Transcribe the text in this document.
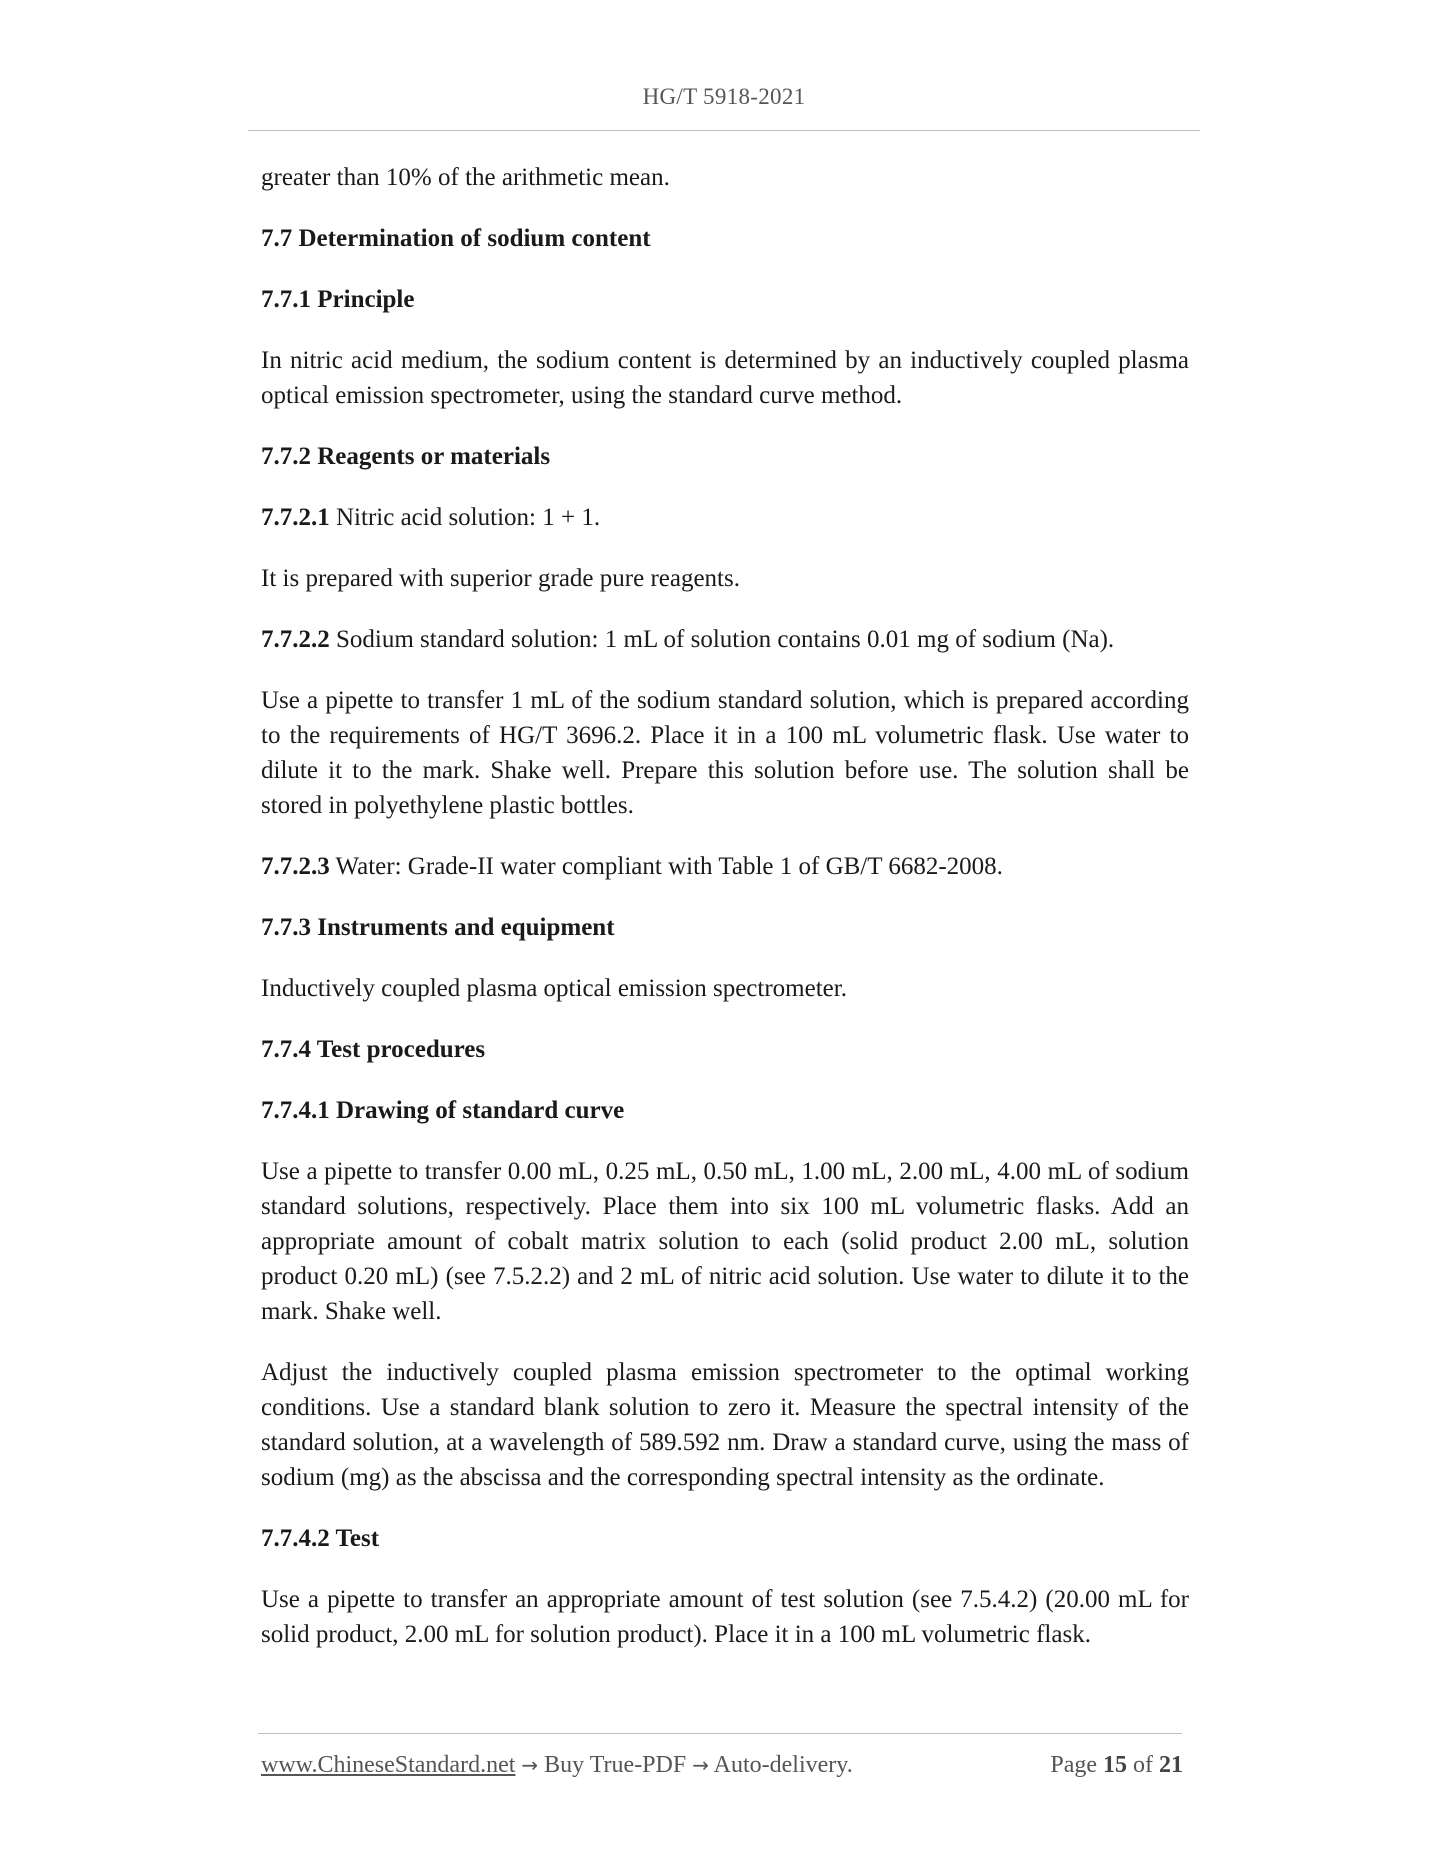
HG/T 5918-2021

greater than 10% of the arithmetic mean.

7.7 Determination of sodium content

7.7.1 Principle

In nitric acid medium, the sodium content is determined by an inductively coupled plasma optical emission spectrometer, using the standard curve method.

7.7.2 Reagents or materials

7.7.2.1 Nitric acid solution: 1 + 1.

It is prepared with superior grade pure reagents.

7.7.2.2 Sodium standard solution: 1 mL of solution contains 0.01 mg of sodium (Na).

Use a pipette to transfer 1 mL of the sodium standard solution, which is prepared according to the requirements of HG/T 3696.2. Place it in a 100 mL volumetric flask. Use water to dilute it to the mark. Shake well. Prepare this solution before use. The solution shall be stored in polyethylene plastic bottles.

7.7.2.3 Water: Grade-II water compliant with Table 1 of GB/T 6682-2008.

7.7.3 Instruments and equipment

Inductively coupled plasma optical emission spectrometer.

7.7.4 Test procedures

7.7.4.1 Drawing of standard curve

Use a pipette to transfer 0.00 mL, 0.25 mL, 0.50 mL, 1.00 mL, 2.00 mL, 4.00 mL of sodium standard solutions, respectively. Place them into six 100 mL volumetric flasks. Add an appropriate amount of cobalt matrix solution to each (solid product 2.00 mL, solution product 0.20 mL) (see 7.5.2.2) and 2 mL of nitric acid solution. Use water to dilute it to the mark. Shake well.

Adjust the inductively coupled plasma emission spectrometer to the optimal working conditions. Use a standard blank solution to zero it. Measure the spectral intensity of the standard solution, at a wavelength of 589.592 nm. Draw a standard curve, using the mass of sodium (mg) as the abscissa and the corresponding spectral intensity as the ordinate.

7.7.4.2 Test

Use a pipette to transfer an appropriate amount of test solution (see 7.5.4.2) (20.00 mL for solid product, 2.00 mL for solution product). Place it in a 100 mL volumetric flask.

www.ChineseStandard.net → Buy True-PDF → Auto-delivery.	Page 15 of 21
